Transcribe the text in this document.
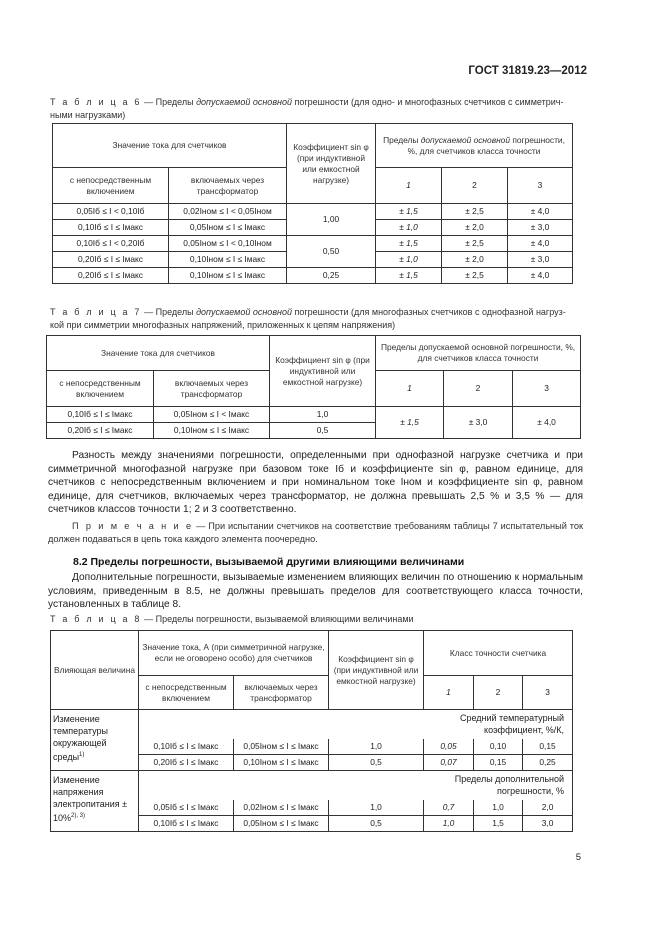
ГОСТ 31819.23—2012
Т а б л и ц а 6 — Пределы допускаемой основной погрешности (для одно- и многофазных счетчиков с симметрич-
ными нагрузками)
Значение тока для счетчиков		Коэффициент sin φ (при индуктивной или емкостной нагрузке)	Пределы допускаемой основной погрешности, %, для счетчиков класса точности		
с непосредственным включением	включаемых через трансформатор		1	2	3
0,05Iб ≤ I < 0,10Iб	0,02Iном ≤ I < 0,05Iном	1,00	± 1,5	± 2,5	± 4,0
0,10Iб ≤ I ≤ Iмакс	0,05Iном ≤ I ≤ Iмакс		± 1,0	± 2,0	± 3,0
0,10Iб ≤ I < 0,20Iб	0,05Iном ≤ I < 0,10Iном	0,50	± 1,5	± 2,5	± 4,0
0,20Iб ≤ I ≤ Iмакс	0,10Iном ≤ I ≤ Iмакс		± 1,0	± 2,0	± 3,0
0,20Iб ≤ I ≤ Iмакс	0,10Iном ≤ I ≤ Iмакс	0,25	± 1,5	± 2,5	± 4,0
Т а б л и ц а 7 — Пределы допускаемой основной погрешности (для многофазных счетчиков с однофазной нагруз-
кой при симметрии многофазных напряжений, приложенных к цепям напряжения)
Значение тока для счетчиков		Коэффициент sin φ (при индуктивной или емкостной нагрузке)	Пределы допускаемой основной погрешности, %, для счетчиков класса точности		
с непосредственным включением	включаемых через трансформатор		1	2	3
0,10Iб ≤ I ≤ Iмакс	0,05Iном ≤ I < Iмакс	1,0	± 1,5	± 3,0	± 4,0
0,20Iб ≤ I ≤ Iмакс	0,10Iном ≤ I ≤ Iмакс	0,5			
Разность между значениями погрешности, определенными при однофазной нагрузке счетчика и при симметричной многофазной нагрузке при базовом токе Iб и коэффициенте sin φ, равном единице, для счетчиков с непосредственным включением и при номинальном токе Iном и коэффициенте sin φ, равном единице, для счетчиков, включаемых через трансформатор, не должна превышать 2,5 % и 3,5 % — для счетчиков классов точности 1; 2 и 3 соответственно.
П р и м е ч а н и е — При испытании счетчиков на соответствие требованиям таблицы 7 испытательный ток должен подаваться в цепь тока каждого элемента поочередно.
8.2 Пределы погрешности, вызываемой другими влияющими величинами
Дополнительные погрешности, вызываемые изменением влияющих величин по отношению к нормальным условиям, приведенным в 8.5, не должны превышать пределов для соответствующего класса точности, установленных в таблице 8.
Т а б л и ц а 8 — Пределы погрешности, вызываемой влияющими величинами
Влияющая величина	Значение тока, А (при симметричной нагрузке, если не оговорено особо) для счетчиков		Коэффициент sin φ (при индуктивной или емкостной нагрузке)	Класс точности счетчика		
	с непосредственным включением	включаемых через трансформатор		1	2	3
Изменение температуры окружающей среды$^{1)}$				Средний температурный коэффициент, %/К,		
	0,10Iб ≤ I ≤ Iмакс	0,05Iном ≤ I ≤ Iмакс	1,0	0,05	0,10	0,15
	0,20Iб ≤ I ≤ Iмакс	0,10Iном ≤ I ≤ Iмакс	0,5	0,07	0,15	0,25
Изменение напряжения электропитания ± 10%$^{2), 3)}$				Пределы дополнительной погрешности, %		
	0,05Iб ≤ I ≤ Iмакс	0,02Iном ≤ I ≤ Iмакс	1,0	0,7	1,0	2,0
	0,10Iб ≤ I ≤ Iмакс	0,05Iном ≤ I ≤ Iмакс	0,5	1,0	1,5	3,0
5
